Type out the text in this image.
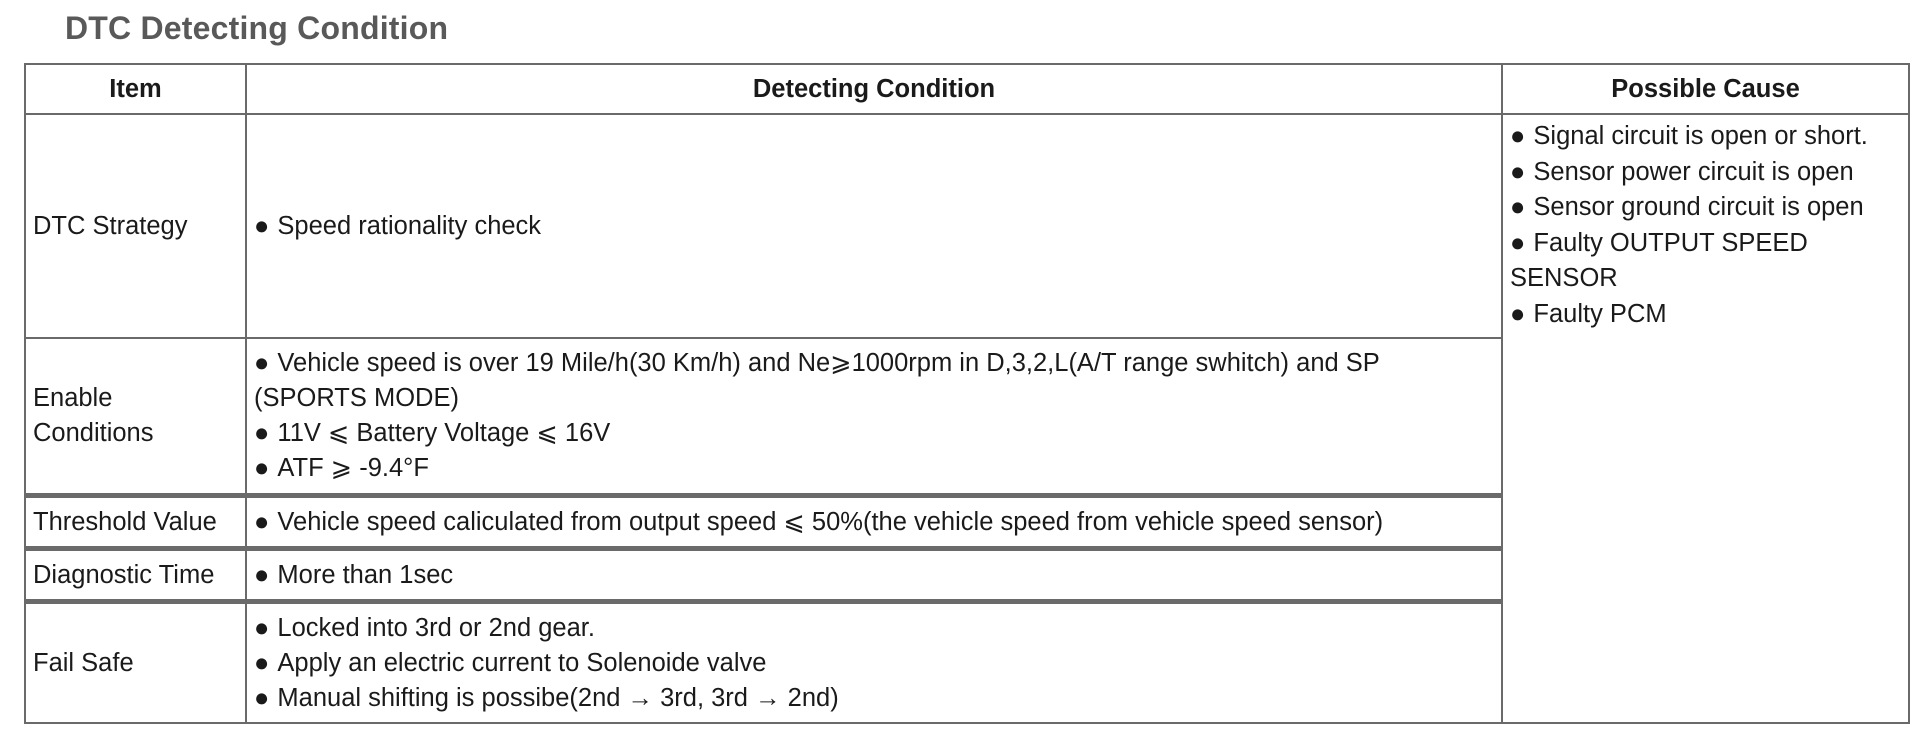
DTC Detecting Condition
Item	Detecting Condition	Possible Cause
DTC Strategy	● Speed rationality check	● Signal circuit is open or short.
● Sensor power circuit is open
● Sensor ground circuit is open
● Faulty OUTPUT SPEED SENSOR
● Faulty PCM

Enable
Conditions	● Vehicle speed is over 19 Mile/h(30 Km/h) and Ne⩾1000rpm in D,3,2,L(A/T range swhitch) and SP
(SPORTS MODE)
● 11V ⩽ Battery Voltage ⩽ 16V
● ATF ⩾ -9.4°F	

Threshold Value	● Vehicle speed caliculated from output speed ⩽ 50%(the vehicle speed from vehicle speed sensor)	

Diagnostic Time	● More than 1sec	

Fail Safe	● Locked into 3rd or 2nd gear.
● Apply an electric current to Solenoide valve
● Manual shifting is possibe(2nd → 3rd, 3rd → 2nd)	
